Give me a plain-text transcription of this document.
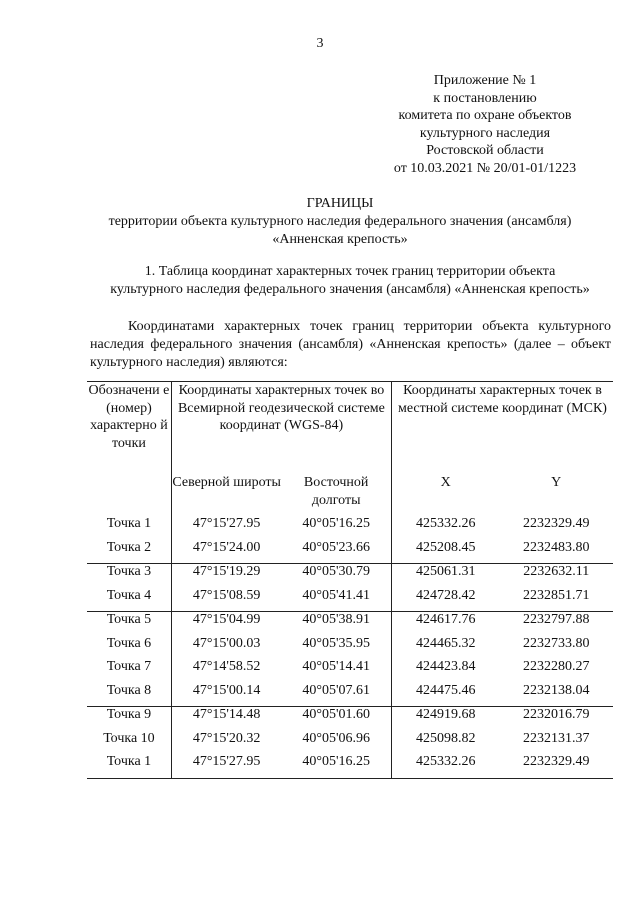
3
Приложение № 1
к постановлению
комитета по охране объектов
культурного наследия
Ростовской области
от 10.03.2021 № 20/01-01/1223
ГРАНИЦЫ
территории объекта культурного наследия федерального значения (ансамбля)
«Анненская крепость»
1. Таблица координат характерных точек границ территории объекта
культурного наследия федерального значения (ансамбля) «Анненская крепость»
Координатами характерных точек границ территории объекта культурного наследия федерального значения (ансамбля) «Анненская крепость» (далее – объект культурного наследия) являются:
Обозначени е (номер) характерно й точки	Координаты характерных точек во Всемирной геодезической системе координат (WGS-84)		Координаты характерных точек в местной системе координат (МСК)	
	Северной широты	Восточной долготы	X	Y
Точка 1	47°15'27.95	40°05'16.25	425332.26	2232329.49
Точка 2	47°15'24.00	40°05'23.66	425208.45	2232483.80
Точка 3	47°15'19.29	40°05'30.79	425061.31	2232632.11
Точка 4	47°15'08.59	40°05'41.41	424728.42	2232851.71
Точка 5	47°15'04.99	40°05'38.91	424617.76	2232797.88
Точка 6	47°15'00.03	40°05'35.95	424465.32	2232733.80
Точка 7	47°14'58.52	40°05'14.41	424423.84	2232280.27
Точка 8	47°15'00.14	40°05'07.61	424475.46	2232138.04
Точка 9	47°15'14.48	40°05'01.60	424919.68	2232016.79
Точка 10	47°15'20.32	40°05'06.96	425098.82	2232131.37
Точка 1	47°15'27.95	40°05'16.25	425332.26	2232329.49
